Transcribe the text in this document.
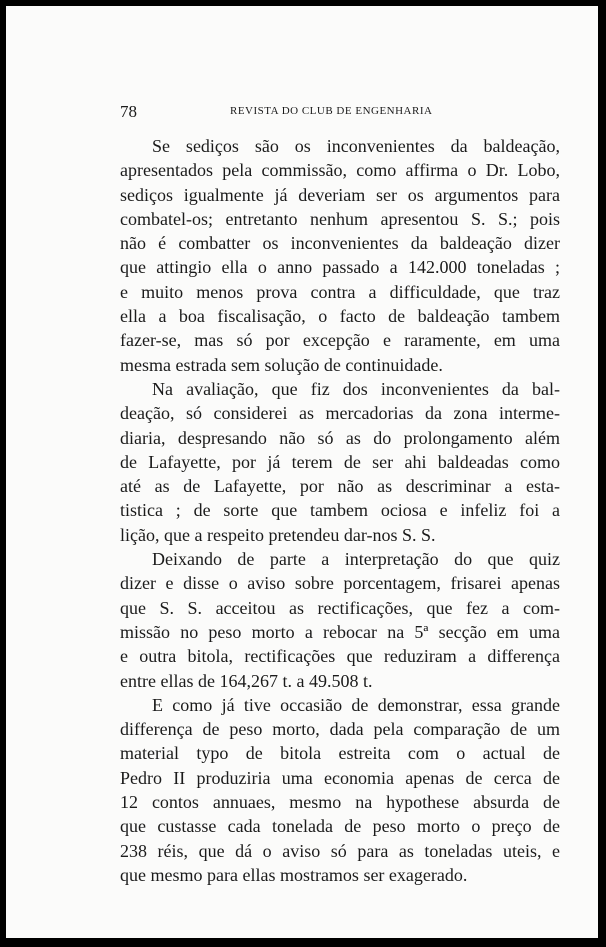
78	REVISTA DO CLUB DE ENGENHARIA
Se sediços são os inconvenientes da baldeação,
apresentados pela commissão, como affirma o Dr. Lobo,
sediços igualmente já deveriam ser os argumentos para
combatel-os; entretanto nenhum apresentou S. S.; pois
não é combatter os inconvenientes da baldeação dizer
que attingio ella o anno passado a 142.000 toneladas ;
e muito menos prova contra a difficuldade, que traz
ella a boa fiscalisação, o facto de baldeação tambem
fazer-se, mas só por excepção e raramente, em uma
mesma estrada sem solução de continuidade.
Na avaliação, que fiz dos inconvenientes da bal-
deação, só considerei as mercadorias da zona interme-
diaria, despresando não só as do prolongamento além
de Lafayette, por já terem de ser ahi baldeadas como
até as de Lafayette, por não as descriminar a esta-
tistica ; de sorte que tambem ociosa e infeliz foi a
lição, que a respeito pretendeu dar-nos S. S.
Deixando de parte a interpretação do que quiz
dizer e disse o aviso sobre porcentagem, frisarei apenas
que S. S. acceitou as rectificações, que fez a com-
missão no peso morto a rebocar na 5ª secção em uma
e outra bitola, rectificações que reduziram a differença
entre ellas de 164,267 t. a 49.508 t.
E como já tive occasião de demonstrar, essa grande
differença de peso morto, dada pela comparação de um
material typo de bitola estreita com o actual de
Pedro II produziria uma economia apenas de cerca de
12 contos annuaes, mesmo na hypothese absurda de
que custasse cada tonelada de peso morto o preço de
238 réis, que dá o aviso só para as toneladas uteis, e
que mesmo para ellas mostramos ser exagerado.
